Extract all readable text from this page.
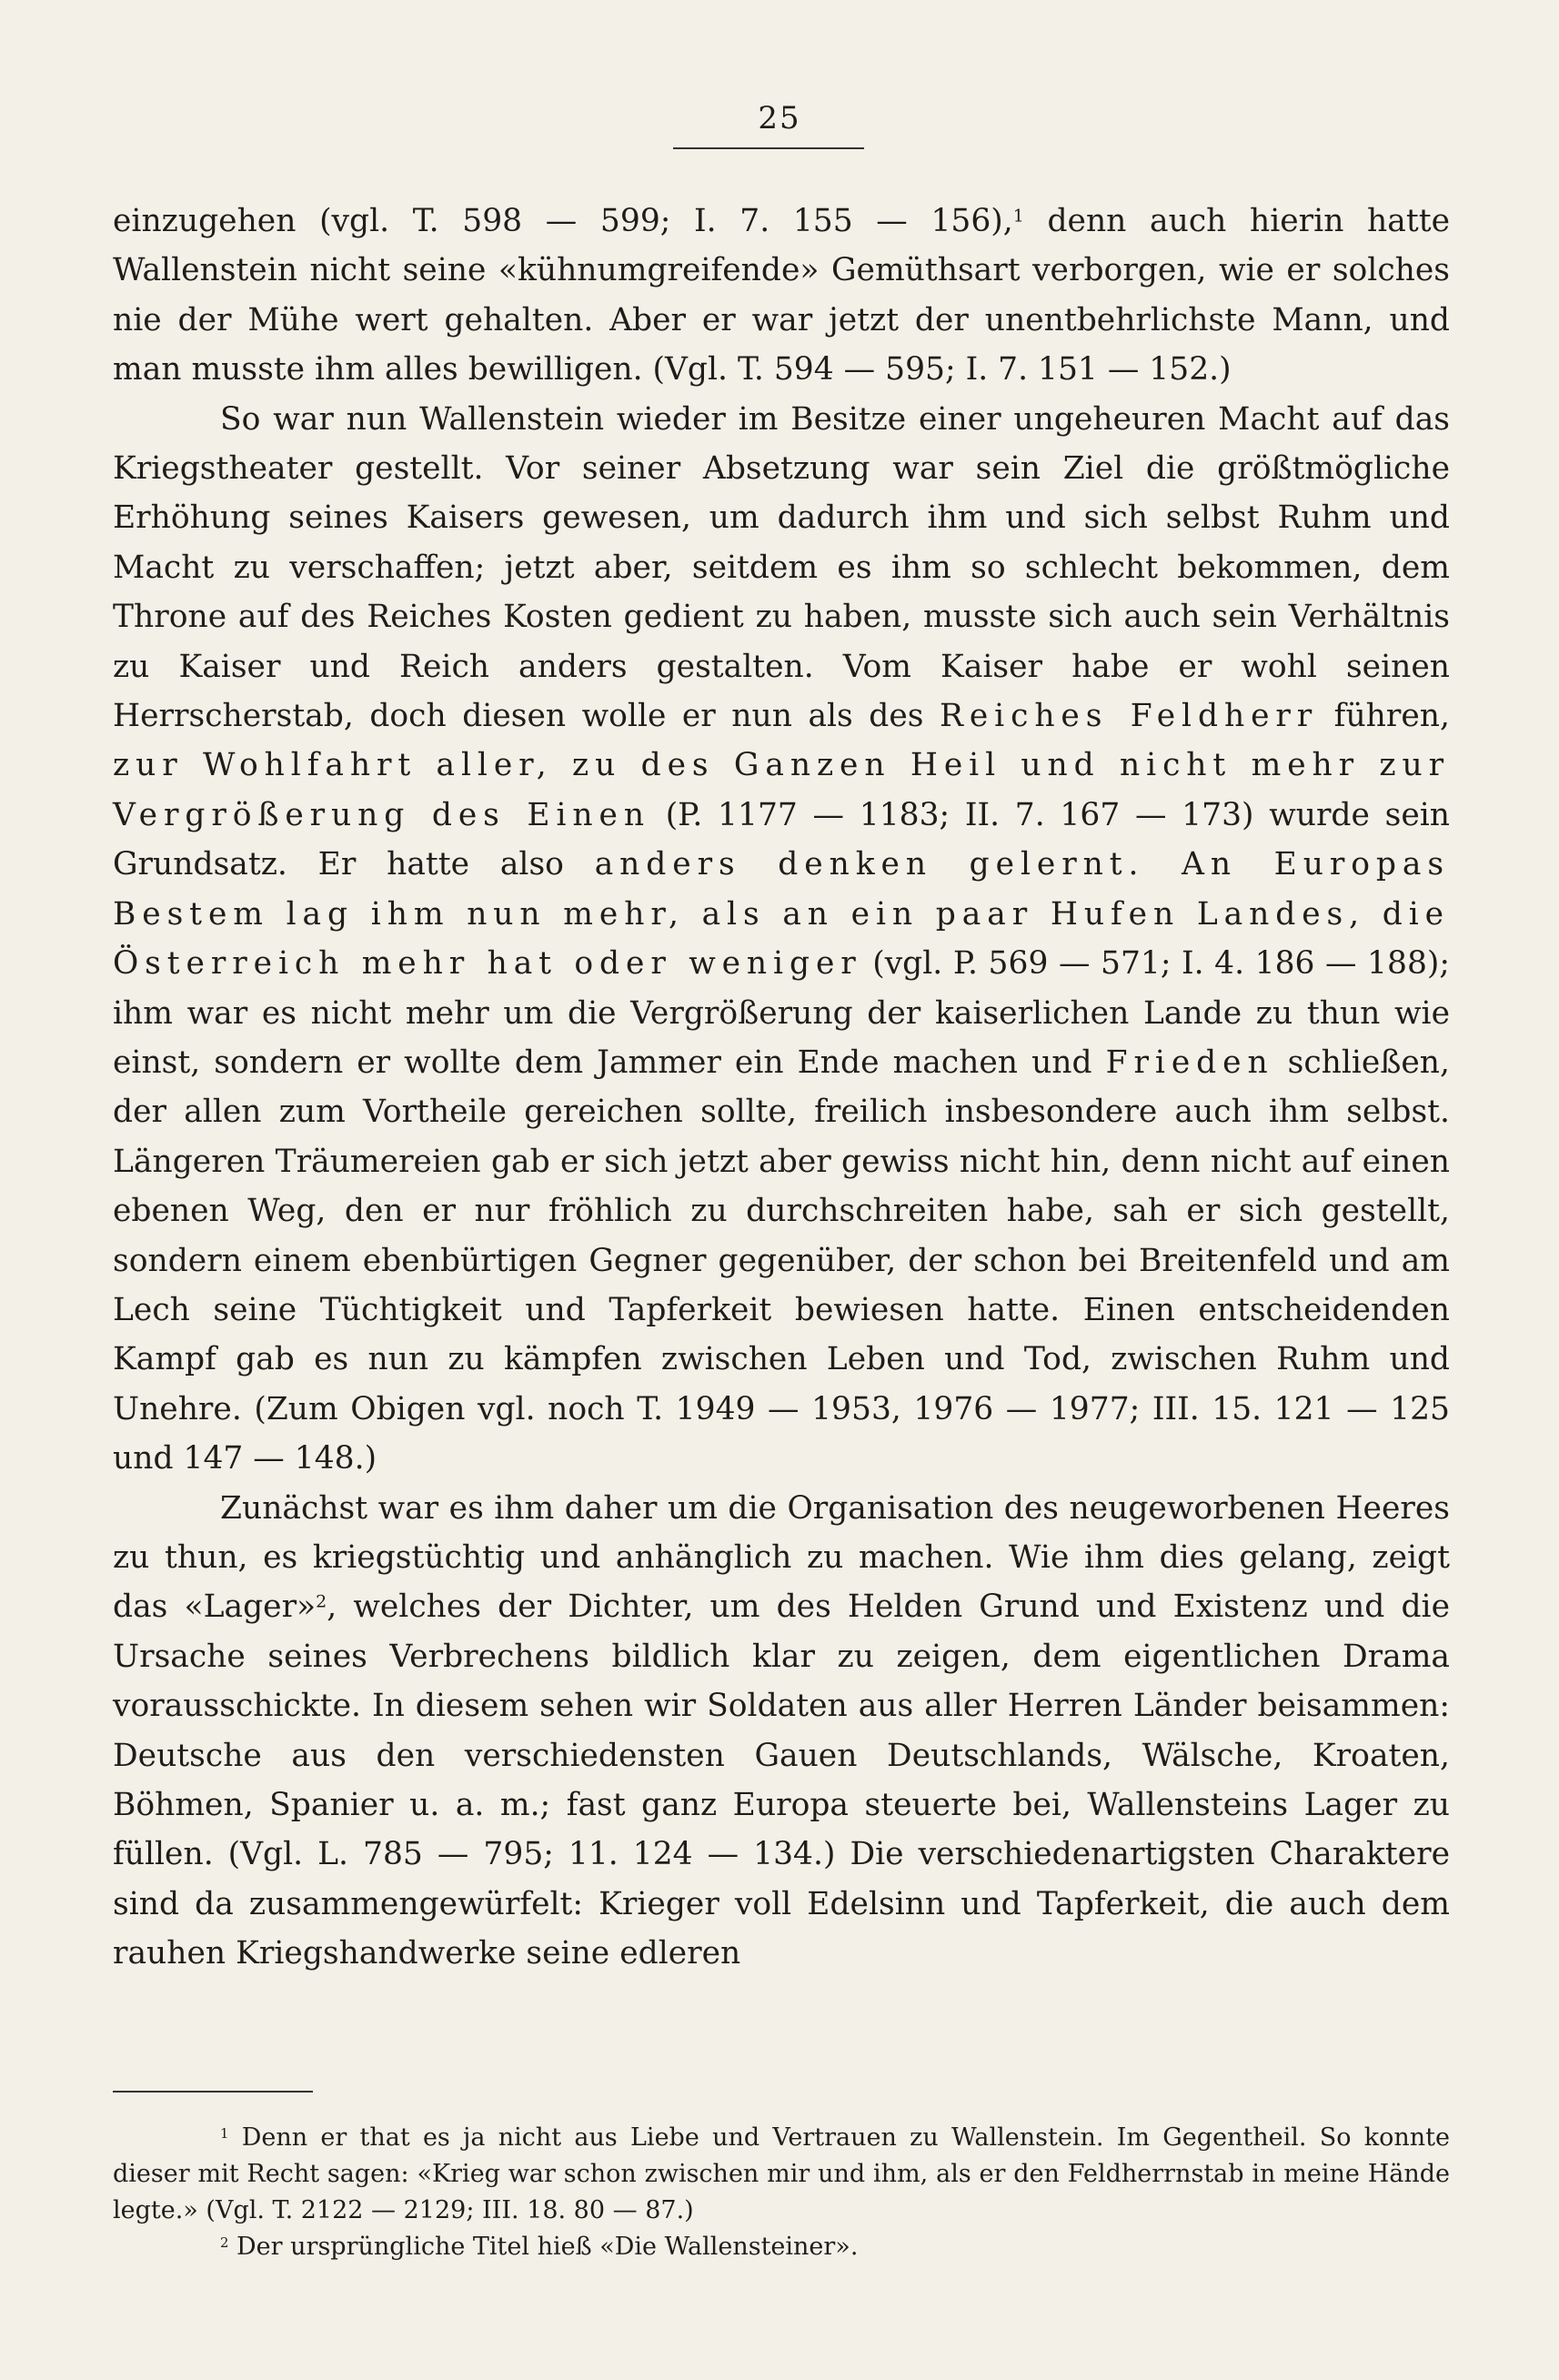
25

einzugehen (vgl. T. 598 — 599; I. 7. 155 — 156),$^1$ denn auch hierin hatte Wallenstein nicht seine «kühnumgreifende» Gemüthsart verborgen, wie er solches nie der Mühe wert gehalten. Aber er war jetzt der unentbehrlichste Mann, und man musste ihm alles bewilligen. (Vgl. T. 594 — 595; I. 7. 151 — 152.)

So war nun Wallenstein wieder im Besitze einer ungeheuren Macht auf das Kriegstheater gestellt. Vor seiner Absetzung war sein Ziel die größtmögliche Erhöhung seines Kaisers gewesen, um dadurch ihm und sich selbst Ruhm und Macht zu verschaffen; jetzt aber, seitdem es ihm so schlecht bekommen, dem Throne auf des Reiches Kosten gedient zu haben, musste sich auch sein Verhältnis zu Kaiser und Reich anders gestalten. Vom Kaiser habe er wohl seinen Herrscherstab, doch diesen wolle er nun als des Reiches Feldherr führen, zur Wohlfahrt aller, zu des Ganzen Heil und nicht mehr zur Vergrößerung des Einen (P. 1177 — 1183; II. 7. 167 — 173) wurde sein Grundsatz. Er hatte also anders denken gelernt. An Europas Bestem lag ihm nun mehr, als an ein paar Hufen Landes, die Österreich mehr hat oder weniger (vgl. P. 569 — 571; I. 4. 186 — 188); ihm war es nicht mehr um die Vergrößerung der kaiserlichen Lande zu thun wie einst, sondern er wollte dem Jammer ein Ende machen und Frieden schließen, der allen zum Vortheile gereichen sollte, freilich insbesondere auch ihm selbst. Längeren Träumereien gab er sich jetzt aber gewiss nicht hin, denn nicht auf einen ebenen Weg, den er nur fröhlich zu durchschreiten habe, sah er sich gestellt, sondern einem ebenbürtigen Gegner gegenüber, der schon bei Breitenfeld und am Lech seine Tüchtigkeit und Tapferkeit bewiesen hatte. Einen entscheidenden Kampf gab es nun zu kämpfen zwischen Leben und Tod, zwischen Ruhm und Unehre. (Zum Obigen vgl. noch T. 1949 — 1953, 1976 — 1977; III. 15. 121 — 125 und 147 — 148.)

Zunächst war es ihm daher um die Organisation des neugeworbenen Heeres zu thun, es kriegstüchtig und anhänglich zu machen. Wie ihm dies gelang, zeigt das «Lager»$^2$, welches der Dichter, um des Helden Grund und Existenz und die Ursache seines Verbrechens bildlich klar zu zeigen, dem eigentlichen Drama vorausschickte. In diesem sehen wir Soldaten aus aller Herren Länder beisammen: Deutsche aus den verschiedensten Gauen Deutschlands, Wälsche, Kroaten, Böhmen, Spanier u. a. m.; fast ganz Europa steuerte bei, Wallensteins Lager zu füllen. (Vgl. L. 785 — 795; 11. 124 — 134.) Die verschiedenartigsten Charaktere sind da zusammengewürfelt: Krieger voll Edelsinn und Tapferkeit, die auch dem rauhen Kriegshandwerke seine edleren

$^1$ Denn er that es ja nicht aus Liebe und Vertrauen zu Wallenstein. Im Gegentheil. So konnte dieser mit Recht sagen: «Krieg war schon zwischen mir und ihm, als er den Feldherrnstab in meine Hände legte.» (Vgl. T. 2122 — 2129; III. 18. 80 — 87.)

$^2$ Der ursprüngliche Titel hieß «Die Wallensteiner».
